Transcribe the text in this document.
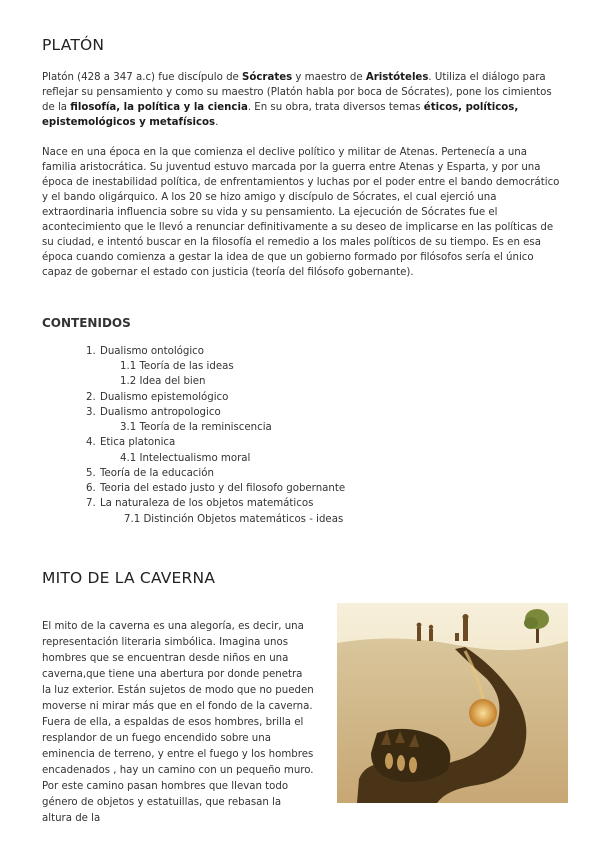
PLATÓN

Platón (428 a 347 a.c) fue discípulo de Sócrates y maestro de Aristóteles. Utiliza el diálogo para reflejar su pensamiento y como su maestro (Platón habla por boca de Sócrates), pone los cimientos de la filosofía, la política y la ciencia. En su obra, trata diversos temas éticos, políticos, epistemológicos y metafísicos.

Nace en una época en la que comienza el declive político y militar de Atenas. Pertenecía a una familia aristocrática. Su juventud estuvo marcada por la guerra entre Atenas y Esparta, y por una época de inestabilidad política, de enfrentamientos y luchas por el poder entre el bando democrático y el bando oligárquico. A los 20 se hizo amigo y discípulo de Sócrates, el cual ejerció una extraordinaria influencia sobre su vida y su pensamiento. La ejecución de Sócrates fue el acontecimiento que le llevó a renunciar definitivamente a su deseo de implicarse en las políticas de su ciudad, e intentó buscar en la filosofía el remedio a los males políticos de su tiempo. Es en esa época cuando comienza a gestar la idea de que un gobierno formado por filósofos sería el único capaz de gobernar el estado con justicia (teoría del filósofo gobernante).

CONTENIDOS
1. Dualismo ontológico
1.1 Teoría de las ideas
1.2 Idea del bien
2. Dualismo epistemológico
3. Dualismo antropologico
3.1 Teoría de la reminiscencia
4. Etica platonica
4.1 Intelectualismo moral
5. Teoría de la educación
6. Teoria del estado justo y del filosofo gobernante
7. La naturaleza de los objetos matemáticos
7.1 Distinción Objetos matemáticos - ideas
MITO DE LA CAVERNA

El mito de la caverna es una alegoría, es decir, una representación literaria simbólica. Imagina unos hombres que se encuentran desde niños en una caverna,que tiene una abertura por donde penetra la luz exterior. Están sujetos de modo que no pueden moverse ni mirar más que en el fondo de la caverna. Fuera de ella, a espaldas de esos hombres, brilla el resplandor de un fuego encendido sobre una eminencia de terreno, y entre el fuego y los hombres encadenados , hay un camino con un pequeño muro. Por este camino pasan hombres que llevan todo género de objetos y estatuillas, que rebasan la altura de la
